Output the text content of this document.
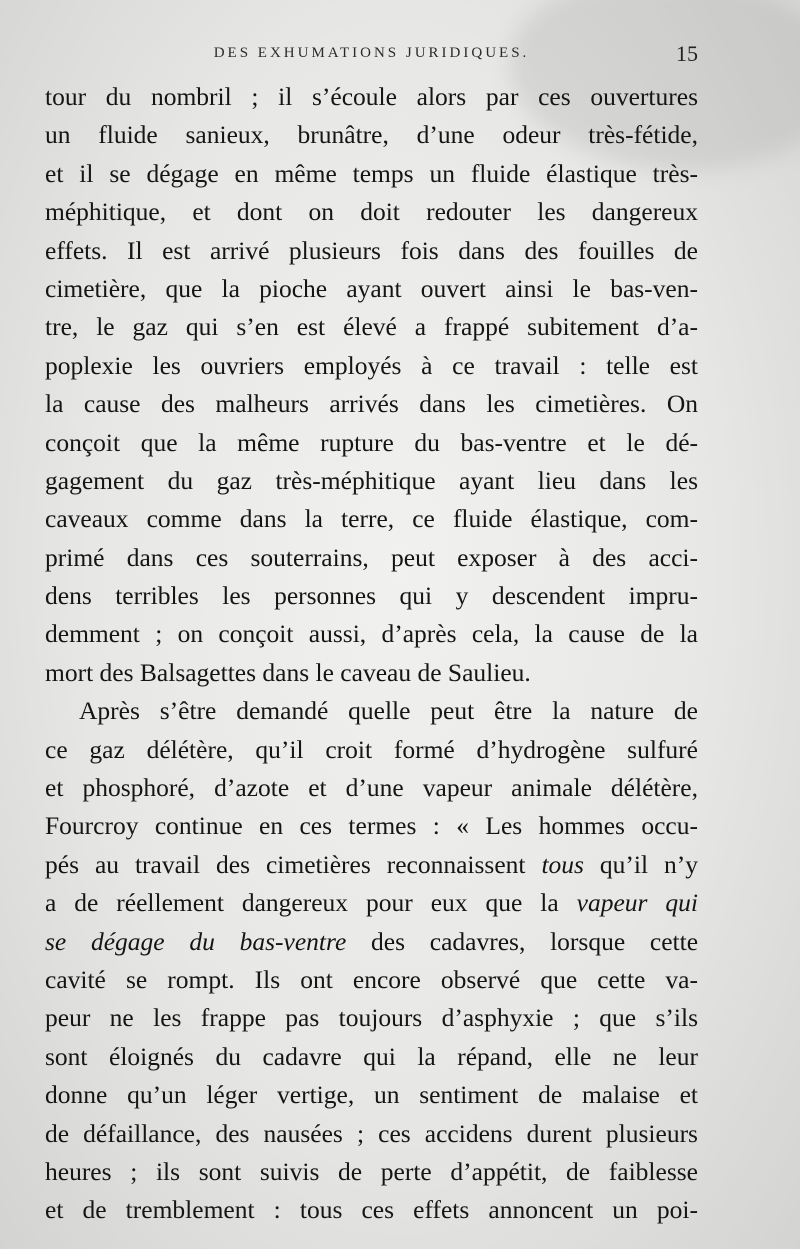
DES EXHUMATIONS JURIDIQUES.	15
tour du nombril ; il s’écoule alors par ces ouvertures
un fluide sanieux, brunâtre, d’une odeur très-fétide,
et il se dégage en même temps un fluide élastique très-
méphitique, et dont on doit redouter les dangereux
effets. Il est arrivé plusieurs fois dans des fouilles de
cimetière, que la pioche ayant ouvert ainsi le bas-ven-
tre, le gaz qui s’en est élevé a frappé subitement d’a-
poplexie les ouvriers employés à ce travail : telle est
la cause des malheurs arrivés dans les cimetières. On
conçoit que la même rupture du bas-ventre et le dé-
gagement du gaz très-méphitique ayant lieu dans les
caveaux comme dans la terre, ce fluide élastique, com-
primé dans ces souterrains, peut exposer à des acci-
dens terribles les personnes qui y descendent impru-
demment ; on conçoit aussi, d’après cela, la cause de la
mort des Balsagettes dans le caveau de Saulieu.
Après s’être demandé quelle peut être la nature de
ce gaz délétère, qu’il croit formé d’hydrogène sulfuré
et phosphoré, d’azote et d’une vapeur animale délétère,
Fourcroy continue en ces termes : « Les hommes occu-
pés au travail des cimetières reconnaissent tous qu’il n’y
a de réellement dangereux pour eux que la vapeur qui
se dégage du bas-ventre des cadavres, lorsque cette
cavité se rompt. Ils ont encore observé que cette va-
peur ne les frappe pas toujours d’asphyxie ; que s’ils
sont éloignés du cadavre qui la répand, elle ne leur
donne qu’un léger vertige, un sentiment de malaise et
de défaillance, des nausées ; ces accidens durent plusieurs
heures ; ils sont suivis de perte d’appétit, de faiblesse
et de tremblement : tous ces effets annoncent un poi-
